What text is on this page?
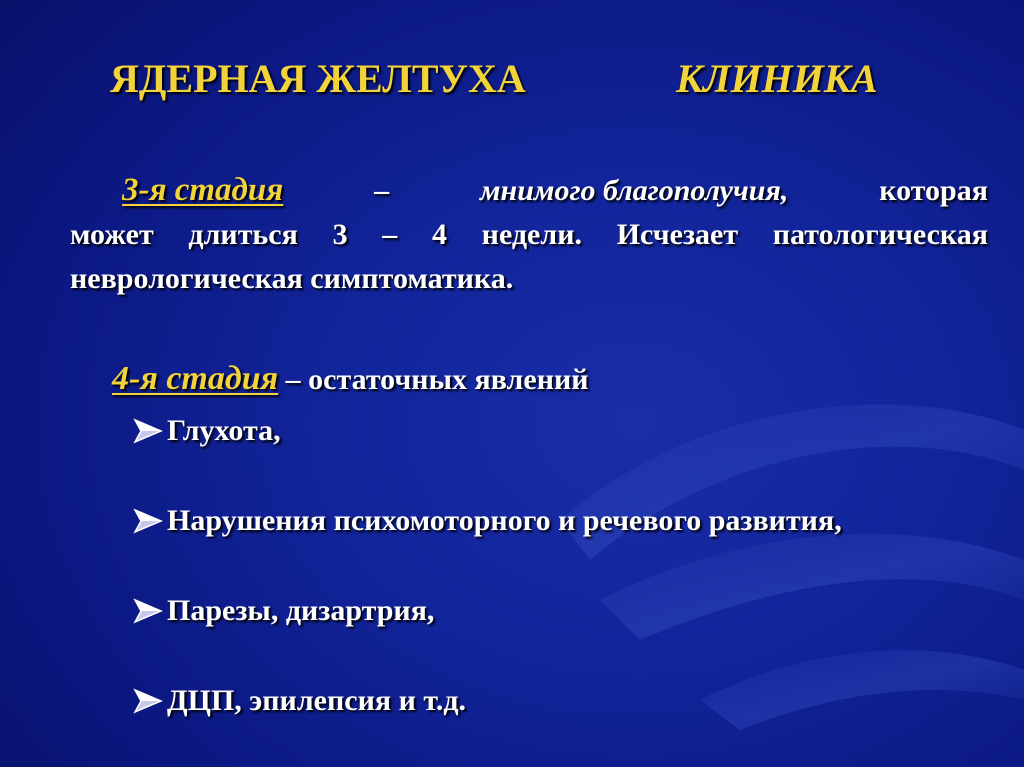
ЯДЕРНАЯ ЖЕЛТУХА	КЛИНИКА
3-я стадия	–	мнимого благополучия,	которая
может длиться 3 – 4 недели. Исчезает патологическая
неврологическая симптоматика.
4-я стадия – остаточных явлений
Глухота,
Нарушения психомоторного и речевого развития,
Парезы, дизартрия,
ДЦП, эпилепсия и т.д.
